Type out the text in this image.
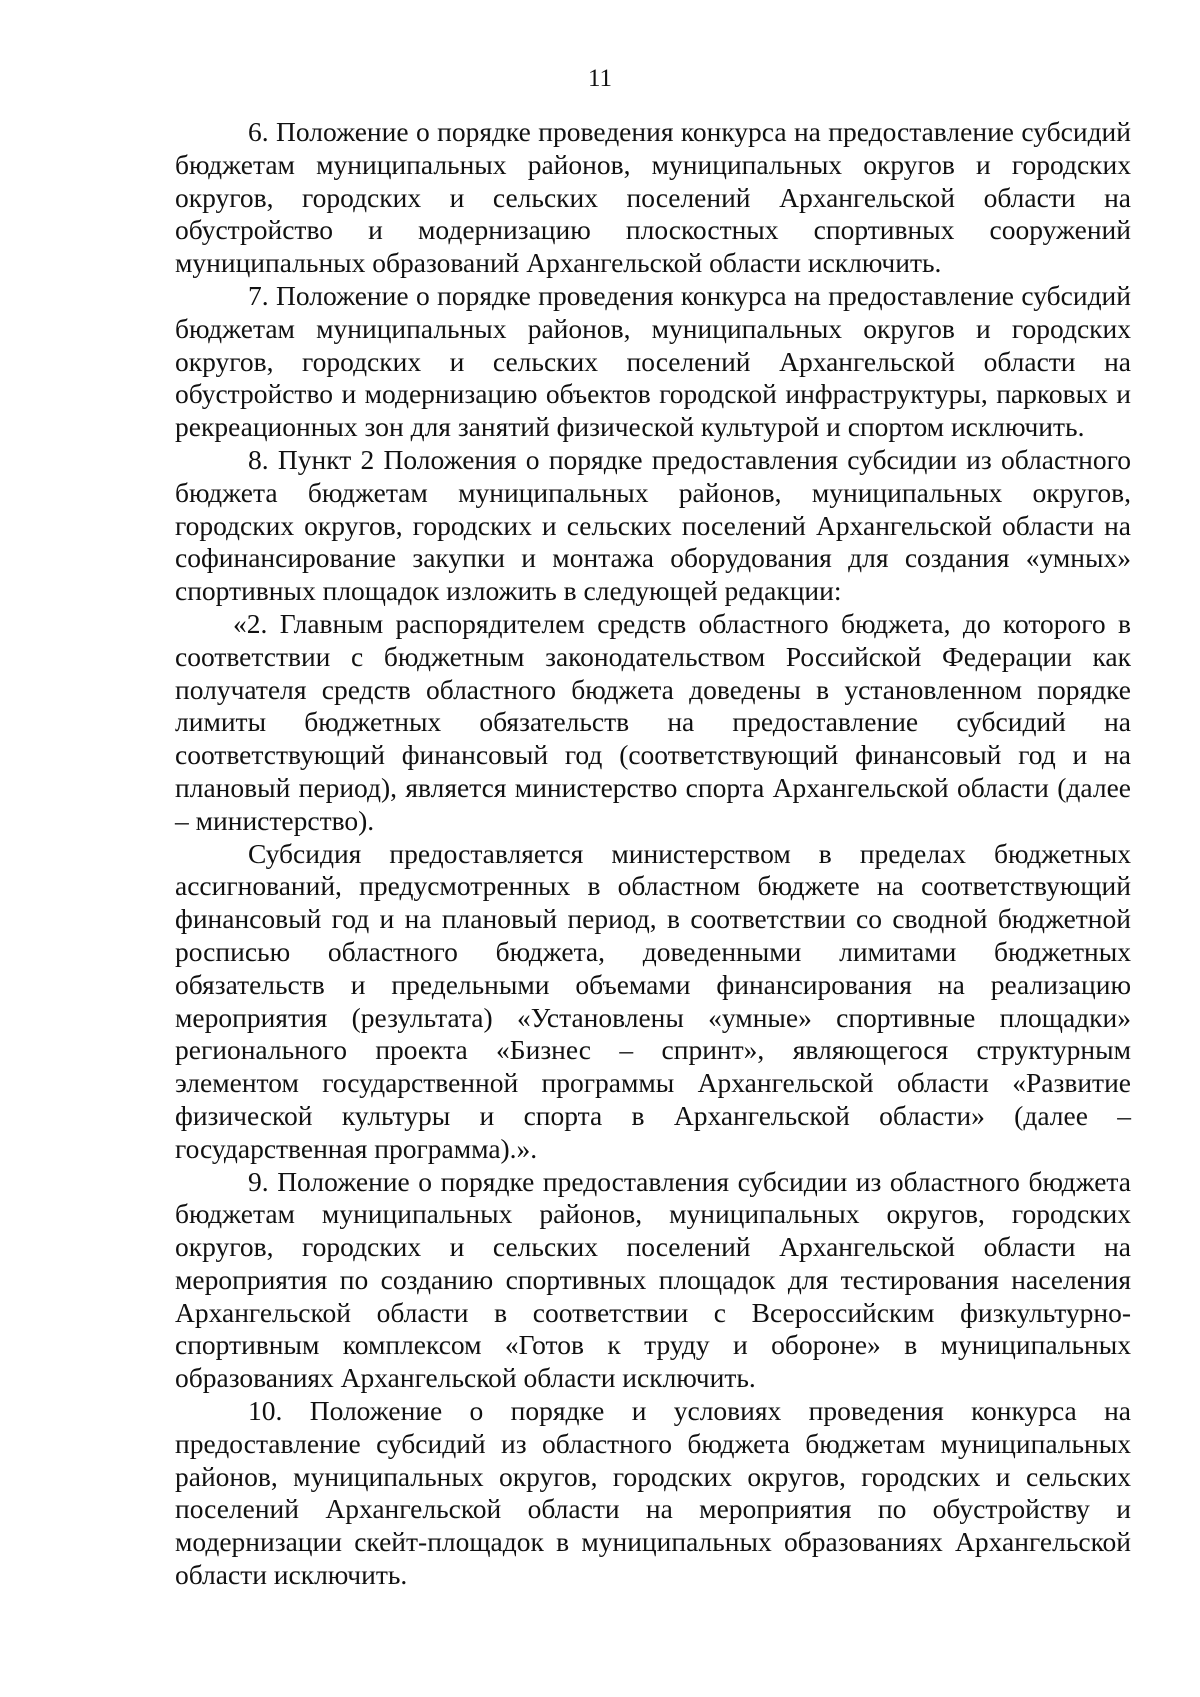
11

6. Положение о порядке проведения конкурса на предоставление субсидий бюджетам муниципальных районов, муниципальных округов и городских округов, городских и сельских поселений Архангельской области на обустройство и модернизацию плоскостных спортивных сооружений муниципальных образований Архангельской области исключить.

7. Положение о порядке проведения конкурса на предоставление субсидий бюджетам муниципальных районов, муниципальных округов и городских округов, городских и сельских поселений Архангельской области на обустройство и модернизацию объектов городской инфраструктуры, парковых и рекреационных зон для занятий физической культурой и спортом исключить.

8. Пункт 2 Положения о порядке предоставления субсидии из областного бюджета бюджетам муниципальных районов, муниципальных округов, городских округов, городских и сельских поселений Архангельской области на софинансирование закупки и монтажа оборудования для создания «умных» спортивных площадок изложить в следующей редакции:

«2. Главным распорядителем средств областного бюджета, до которого в соответствии с бюджетным законодательством Российской Федерации как получателя средств областного бюджета доведены в установленном порядке лимиты бюджетных обязательств на предоставление субсидий на соответствующий финансовый год (соответствующий финансовый год и на плановый период), является министерство спорта Архангельской области (далее – министерство).

Субсидия предоставляется министерством в пределах бюджетных ассигнований, предусмотренных в областном бюджете на соответствующий финансовый год и на плановый период, в соответствии со сводной бюджетной росписью областного бюджета, доведенными лимитами бюджетных обязательств и предельными объемами финансирования на реализацию мероприятия (результата) «Установлены «умные» спортивные площадки» регионального проекта «Бизнес – спринт», являющегося структурным элементом государственной программы Архангельской области «Развитие физической культуры и спорта в Архангельской области» (далее – государственная программа).».

9. Положение о порядке предоставления субсидии из областного бюджета бюджетам муниципальных районов, муниципальных округов, городских округов, городских и сельских поселений Архангельской области на мероприятия по созданию спортивных площадок для тестирования населения Архангельской области в соответствии с Всероссийским физкультурно-спортивным комплексом «Готов к труду и обороне» в муниципальных образованиях Архангельской области исключить.

10. Положение о порядке и условиях проведения конкурса на предоставление субсидий из областного бюджета бюджетам муниципальных районов, муниципальных округов, городских округов, городских и сельских поселений Архангельской области на мероприятия по обустройству и модернизации скейт-площадок в муниципальных образованиях Архангельской области исключить.
